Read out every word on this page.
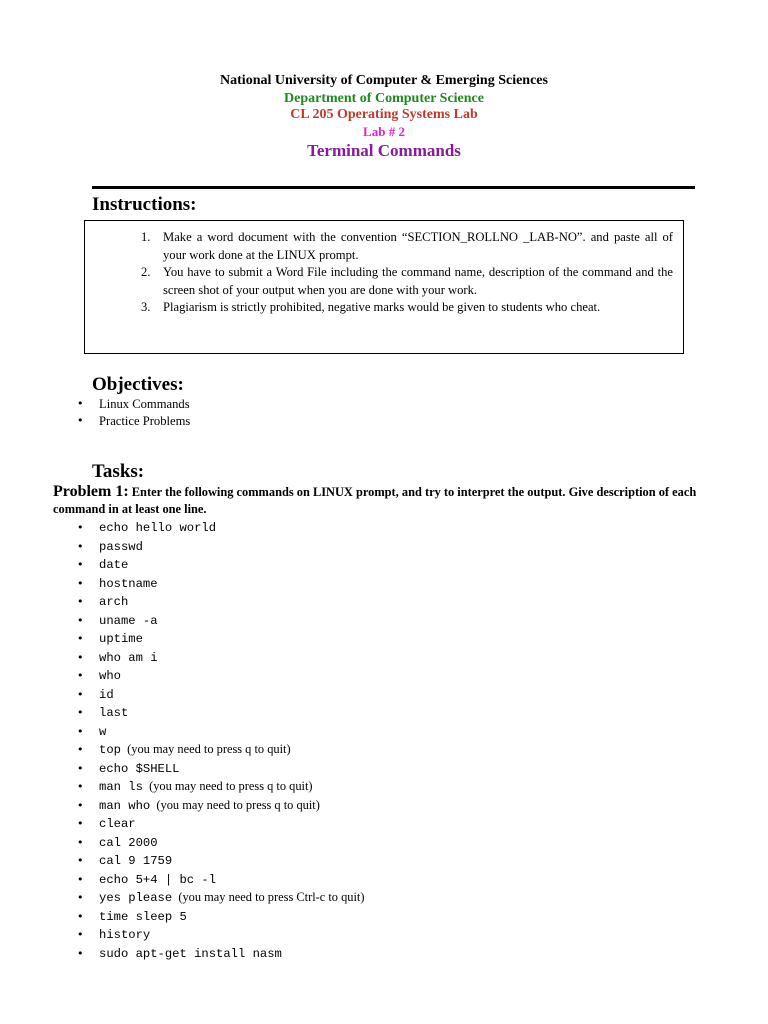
National University of Computer & Emerging Sciences
Department of Computer Science
CL 205 Operating Systems Lab
Lab # 2
Terminal Commands
Instructions:
1. Make a word document with the convention “SECTION_ROLLNO _LAB-NO”. and paste all of your work done at the LINUX prompt.
2. You have to submit a Word File including the command name, description of the command and the screen shot of your output when you are done with your work.
3. Plagiarism is strictly prohibited, negative marks would be given to students who cheat.
Objectives:
• Linux Commands
• Practice Problems
Tasks:
Problem 1: Enter the following commands on LINUX prompt, and try to interpret the output. Give description of each command in at least one line.
• echo hello world
• passwd
• date
• hostname
• arch
• uname -a
• uptime
• who am i
• who
• id
• last
• w
• top (you may need to press q to quit)
• echo $SHELL
• man ls (you may need to press q to quit)
• man who (you may need to press q to quit)
• clear
• cal 2000
• cal 9 1759
• echo 5+4 | bc -l
• yes please (you may need to press Ctrl-c to quit)
• time sleep 5
• history
• sudo apt-get install nasm
